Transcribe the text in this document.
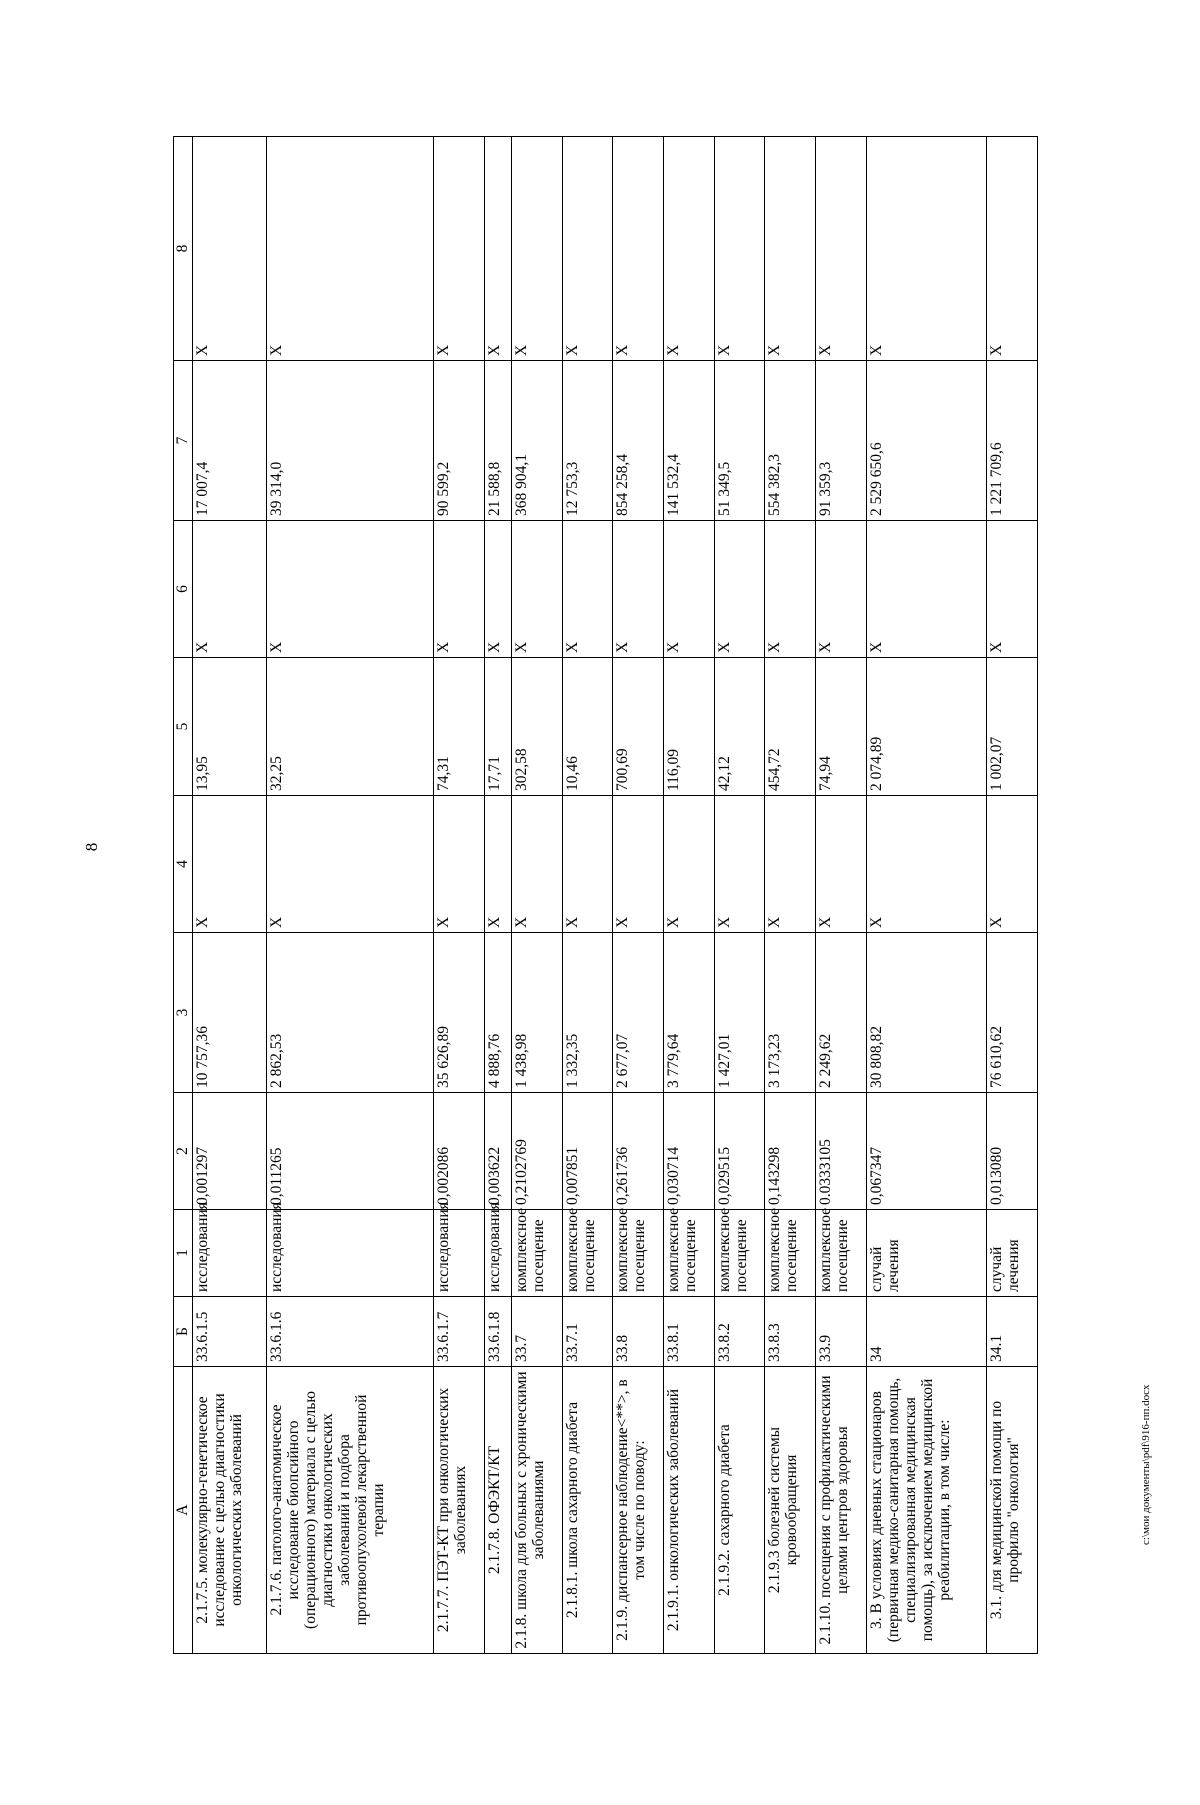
8
c:\мои документы\pdf\916-пп.docx
А	Б	1	2	3	4	5	6	7	8
2.1.7.5. молекулярно-генетическое исследование с целью диагностики онкологических заболеваний	33.6.1.5	исследования	0,001297	10 757,36	X	13,95	X	17 007,4	X
2.1.7.6. патолого-анатомическое исследование биопсийного (операционного) материала с целью диагностики онкологических заболеваний и подбора противоопухолевой лекарственной терапии	33.6.1.6	исследования	0,011265	2 862,53	X	32,25	X	39 314,0	X
2.1.7.7. ПЭТ-КТ при онкологических заболеваниях	33.6.1.7	исследования	0,002086	35 626,89	X	74,31	X	90 599,2	X
2.1.7.8. ОФЭКТ/КТ	33.6.1.8	исследования	0,003622	4 888,76	X	17,71	X	21 588,8	X
2.1.8. школа для больных с хроническими заболеваниями	33.7	комплексное посещение	0,2102769	1 438,98	X	302,58	X	368 904,1	X
2.1.8.1. школа сахарного диабета	33.7.1	комплексное посещение	0,007851	1 332,35	X	10,46	X	12 753,3	X
2.1.9. диспансерное наблюдение<**>, в том числе по поводу:	33.8	комплексное посещение	0,261736	2 677,07	X	700,69	X	854 258,4	X
2.1.9.1. онкологических заболеваний	33.8.1	комплексное посещение	0,030714	3 779,64	X	116,09	X	141 532,4	X
2.1.9.2. сахарного диабета	33.8.2	комплексное посещение	0,029515	1 427,01	X	42,12	X	51 349,5	X
2.1.9.3 болезней системы кровообращения	33.8.3	комплексное посещение	0,143298	3 173,23	X	454,72	X	554 382,3	X
2.1.10. посещения с профилактическими целями центров здоровья	33.9	комплексное посещение	0.0333105	2 249,62	X	74,94	X	91 359,3	X
3. В условиях дневных стационаров (первичная медико-санитарная помощь, специализированная медицинская помощь), за исключением медицинской реабилитации, в том числе:	34	случай лечения	0,067347	30 808,82	X	2 074,89	X	2 529 650,6	X
3.1. для медицинской помощи по профилю "онкология"	34.1	случай лечения	0,013080	76 610,62	X	1 002,07	X	1 221 709,6	X
